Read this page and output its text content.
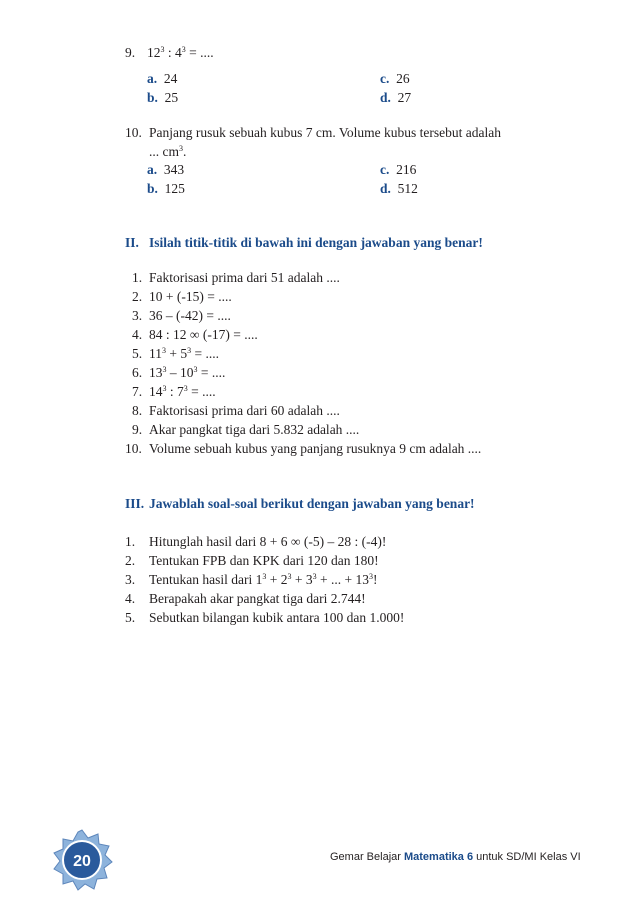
9. $12^3$ : $4^3$ = ....
a. 24
b. 25
c. 26
d. 27
10. Panjang rusuk sebuah kubus 7 cm. Volume kubus tersebut adalah
... $cm^3$.
a. 343
b. 125
c. 216
d. 512
II. Isilah titik-titik di bawah ini dengan jawaban yang benar!
1. Faktorisasi prima dari 51 adalah ....
2. 10 + (-15) = ....
3. 36 – (-42) = ....
4. 84 : 12 ∞ (-17) = ....
5. $11^3 + 5^3$ = ....
6. $13^3 - 10^3$ = ....
7. $14^3$ : $7^3$ = ....
8. Faktorisasi prima dari 60 adalah ....
9. Akar pangkat tiga dari 5.832 adalah ....
10. Volume sebuah kubus yang panjang rusuknya 9 cm adalah ....
III. Jawablah soal-soal berikut dengan jawaban yang benar!
1. Hitunglah hasil dari 8 + 6 ∞ (-5) – 28 : (-4)!
2. Tentukan FPB dan KPK dari 120 dan 180!
3. Tentukan hasil dari $1^3 + 2^3 + 3^3$ + ... + $13^3$!
4. Berapakah akar pangkat tiga dari 2.744!
5. Sebutkan bilangan kubik antara 100 dan 1.000!
20	Gemar Belajar Matematika 6 untuk SD/MI Kelas VI
